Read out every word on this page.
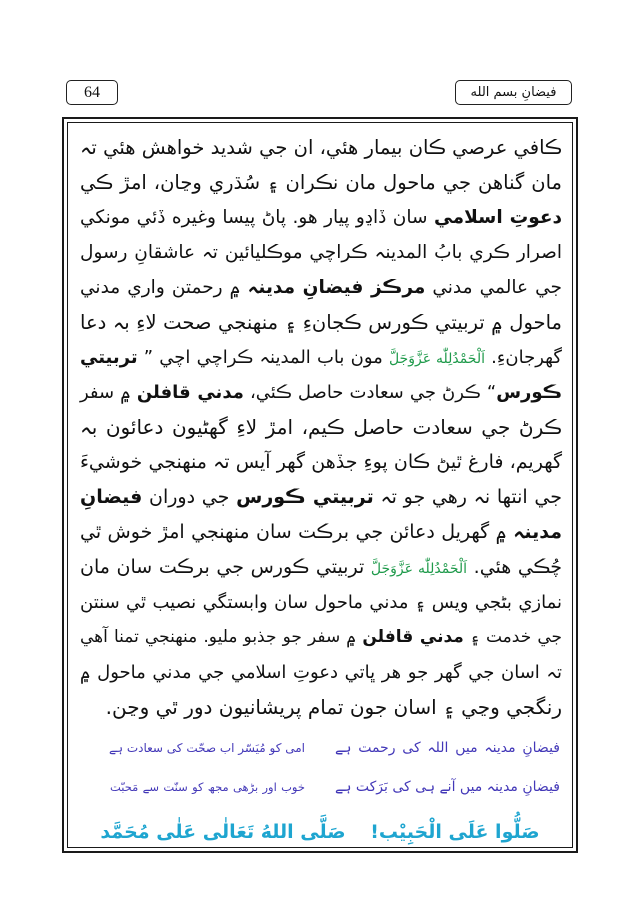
64	فيضانِ بسم الله
ڪافي عرصي ڪان بيمار هئي، ان جي شديد خواهش هئي تہ
مان گناهن جي ماحول مان نڪران ۽ سُڌري وڃان، امڙ ڪي
دعوتِ اسلامي سان ڏاڍو پيار هو. پاڻ پيسا وغيره ڏئي مونکي
اصرار ڪري بابُ المدينہ ڪراچي موڪليائين تہ عاشقانِ رسول
جي عالمي مدني مرڪز فيضانِ مدينہ ۾ رحمتن واري مدني
ماحول ۾ تربيتي ڪورس ڪجانءِ ۽ منهنجي صحت لاءِ بہ دعا
گهرجانءِ. اَلْحَمْدُلِلّٰه عَزَّوَجَلَّ مون باب المدينہ ڪراچي اچي ” تربيتي
ڪورس“ ڪرڻ جي سعادت حاصل ڪئي، مدني قافلن ۾ سفر
ڪرڻ جي سعادت حاصل ڪيم، امڙ لاءِ گهڻيون دعائون بہ
گهريم، فارغ ٿيڻ ڪان پوءِ جڏهن گهر آيس تہ منهنجي خوشيءَ
جي انتها نہ رهي جو تہ تربيتي ڪورس جي دوران فيضانِ
مدينہ ۾ گهريل دعائن جي برڪت سان منهنجي امڙ خوش ٿي
چُڪي هئي. اَلْحَمْدُلِلّٰه عَزَّوَجَلَّ تربيتي ڪورس جي برڪت سان مان
نمازي بڻجي ويس ۽ مدني ماحول سان وابستگي نصيب ٿي سنتن
جي خدمت ۽ مدني قافلن ۾ سفر جو جذبو مليو. منهنجي تمنا آهي
تہ اسان جي گهر جو هر ڀاتي دعوتِ اسلامي جي مدني ماحول ۾
رنگجي وڃي ۽ اسان جون تمام پريشانيون دور ٿي وڃن.
فیضانِ مدینہ میں اللہ کی رحمت ہے
امی کو مُیَسّر اب صحّت کی سعادت ہے
فیضانِ مدینہ میں آنے ہی کی بَرَکت ہے
خوب اور بڑھی مجھ کو سنّت سے مَحبّت
صَلُّوا عَلَى الْحَبِيْب! صَلَّى اللهُ تَعَالٰی عَلٰى مُحَمَّد
